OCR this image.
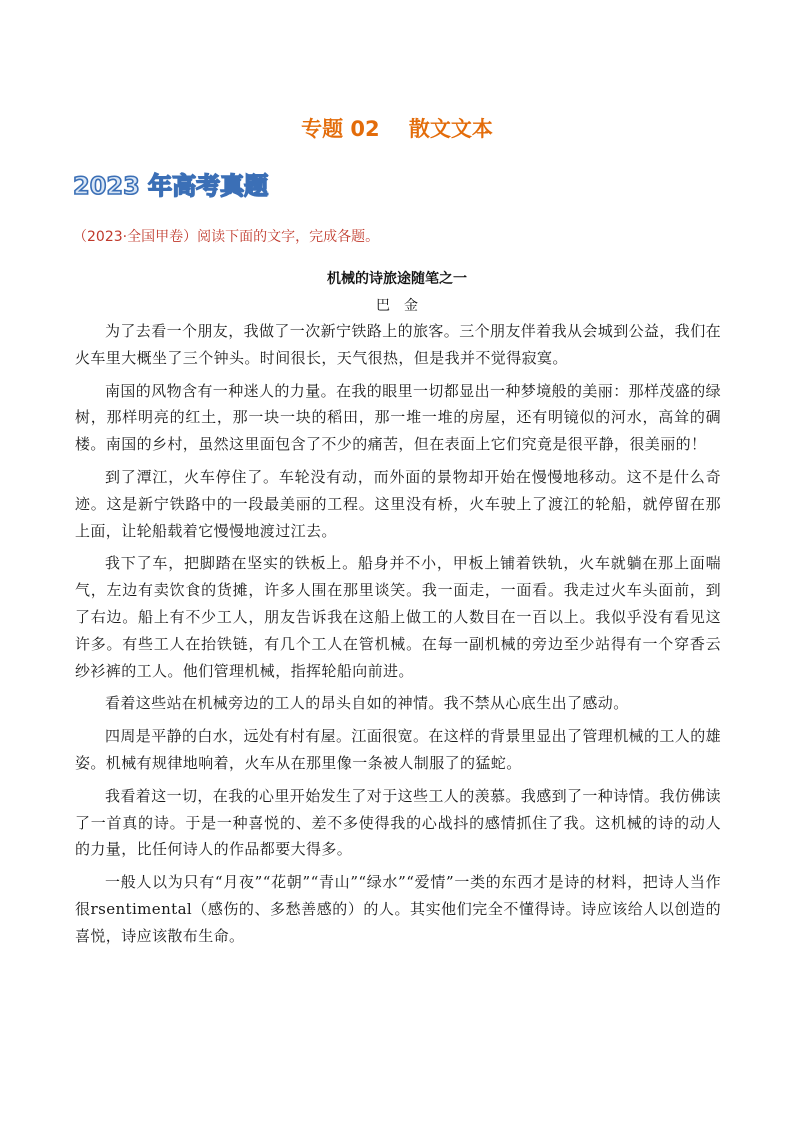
专题 02    散文文本
2023 年高考真题
（2023·全国甲卷）阅读下面的文字，完成各题。
机械的诗旅途随笔之一
巴金

为了去看一个朋友，我做了一次新宁铁路上的旅客。三个朋友伴着我从会城到公益，我们在火车里大概坐了三个钟头。时间很长，天气很热，但是我并不觉得寂寞。

南国的风物含有一种迷人的力量。在我的眼里一切都显出一种梦境般的美丽：那样茂盛的绿树，那样明亮的红土，那一块一块的稻田，那一堆一堆的房屋，还有明镜似的河水，高耸的碉楼。南国的乡村，虽然这里面包含了不少的痛苦，但在表面上它们究竟是很平静，很美丽的！

到了潭江，火车停住了。车轮没有动，而外面的景物却开始在慢慢地移动。这不是什么奇迹。这是新宁铁路中的一段最美丽的工程。这里没有桥，火车驶上了渡江的轮船，就停留在那上面，让轮船载着它慢慢地渡过江去。

我下了车，把脚踏在坚实的铁板上。船身并不小，甲板上铺着铁轨，火车就躺在那上面喘气，左边有卖饮食的货摊，许多人围在那里谈笑。我一面走，一面看。我走过火车头面前，到了右边。船上有不少工人，朋友告诉我在这船上做工的人数目在一百以上。我似乎没有看见这许多。有些工人在抬铁链，有几个工人在管机械。在每一副机械的旁边至少站得有一个穿香云纱衫裤的工人。他们管理机械，指挥轮船向前进。

看着这些站在机械旁边的工人的昂头自如的神情。我不禁从心底生出了感动。

四周是平静的白水，远处有村有屋。江面很宽。在这样的背景里显出了管理机械的工人的雄姿。机械有规律地响着，火车从在那里像一条被人制服了的猛蛇。

我看着这一切，在我的心里开始发生了对于这些工人的羡慕。我感到了一种诗情。我仿佛读了一首真的诗。于是一种喜悦的、差不多使得我的心战抖的感情抓住了我。这机械的诗的动人的力量，比任何诗人的作品都要大得多。

一般人以为只有“月夜”“花朝”“青山”“绿水”“爱情”一类的东西才是诗的材料，把诗人当作很rsentimental（感伤的、多愁善感的）的人。其实他们完全不懂得诗。诗应该给人以创造的喜悦，诗应该散布生命。
